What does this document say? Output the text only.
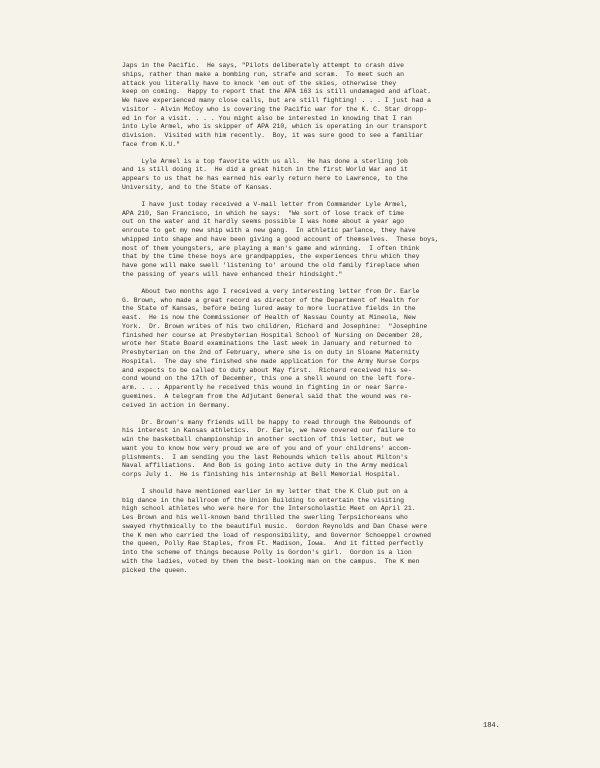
Japs in the Pacific.  He says, "Pilots deliberately attempt to crash dive
ships, rather than make a bombing run, strafe and scram.  To meet such an
attack you literally have to knock 'em out of the skies, otherwise they
keep on coming.  Happy to report that the APA 163 is still undamaged and afloat.
We have experienced many close calls, but are still fighting! . . . I just had a
visitor - Alvin McCoy who is covering the Pacific war for the K. C. Star dropp-
ed in for a visit. . . . You might also be interested in knowing that I ran
into Lyle Armel, who is skipper of APA 210, which is operating in our transport
division.  Visited with him recently.  Boy, it was sure good to see a familiar
face from K.U."
Lyle Armel is a top favorite with us all.  He has done a sterling job
and is still doing it.  He did a great hitch in the first World War and it
appears to us that he has earned his early return here to Lawrence, to the
University, and to the State of Kansas.
I have just today received a V-mail letter from Commander Lyle Armel,
APA 210, San Francisco, in which he says:  "We sort of lose track of time
out on the water and it hardly seems possible I was home about a year ago
enroute to get my new ship with a new gang.  In athletic parlance, they have
whipped into shape and have been giving a good account of themselves.  These boys,
most of them youngsters, are playing a man's game and winning.  I often think
that by the time these boys are grandpappies, the experiences thru which they
have gone will make swell 'listening to' around the old family fireplace when
the passing of years will have enhanced their hindsight."
About two months ago I received a very interesting letter from Dr. Earle
G. Brown, who made a great record as director of the Department of Health for
the State of Kansas, before being lured away to more lucrative fields in the
east.  He is now the Commissioner of Health of Nassau County at Mineola, New
York.  Dr. Brown writes of his two children, Richard and Josephine:  "Josephine
finished her course at Presbyterian Hospital School of Nursing on December 20,
wrote her State Board examinations the last week in January and returned to
Presbyterian on the 2nd of February, where she is on duty in Sloane Maternity
Hospital.  The day she finished she made application for the Army Nurse Corps
and expects to be called to duty about May first.  Richard received his se-
cond wound on the 17th of December, this one a shell wound on the left fore-
arm. . . . Apparently he received this wound in fighting in or near Sarre-
guemines.  A telegram from the Adjutant General said that the wound was re-
ceived in action in Germany.
Dr. Brown's many friends will be happy to read through the Rebounds of
his interest in Kansas athletics.  Dr. Earle, we have covered our failure to
win the basketball championship in another section of this letter, but we
want you to know how very proud we are of you and of your childrens' accom-
plishments.  I am sending you the last Rebounds which tells about Milton's
Naval affiliations.  And Bob is going into active duty in the Army medical
corps July 1.  He is finishing his internship at Bell Memorial Hospital.
I should have mentioned earlier in my letter that the K Club put on a
big dance in the ballroom of the Union Building to entertain the visiting
high school athletes who were here for the Interscholastic Meet on April 21.
Les Brown and his well-known band thrilled the swerling Terpsichoreans who
swayed rhythmically to the beautiful music.  Gordon Reynolds and Dan Chase were
the K men who carried the load of responsibility, and Governor Schoeppel crowned
the queen, Polly Rae Staples, from Ft. Madison, Iowa.  And it fitted perfectly
into the scheme of things because Polly is Gordon's girl.  Gordon is a lion
with the ladies, voted by them the best-looking man on the campus.  The K men
picked the queen.
184.
